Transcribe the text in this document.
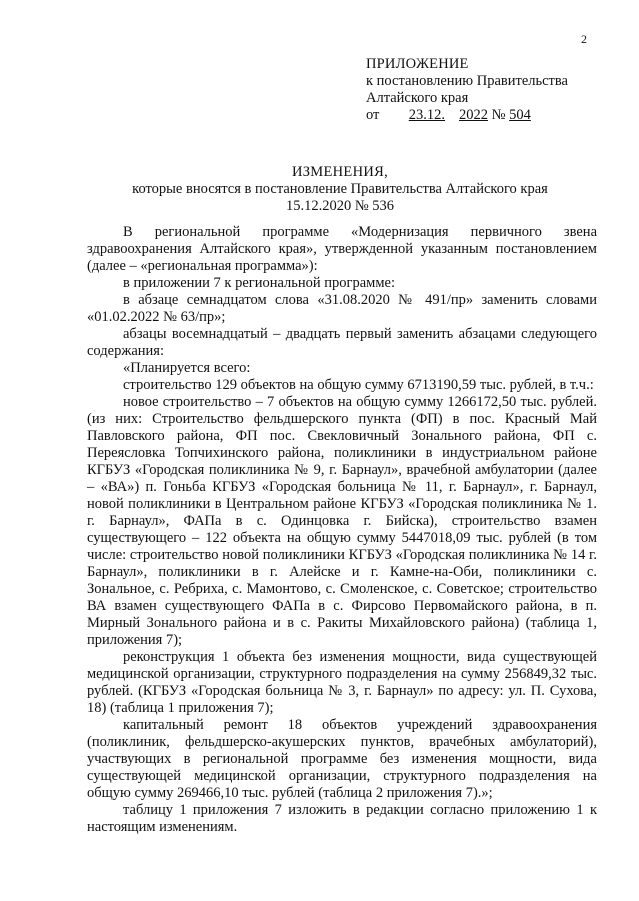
2
ПРИЛОЖЕНИЕ
к постановлению Правительства
Алтайского края
от 23.12. 2022 № 504
ИЗМЕНЕНИЯ,
которые вносятся в постановление Правительства Алтайского края
15.12.2020 № 536

В региональной программе «Модернизация первичного звена здравоохранения Алтайского края», утвержденной указанным постановлением (далее – «региональная программа»):

в приложении 7 к региональной программе:

в абзаце семнадцатом слова «31.08.2020 № 491/пр» заменить словами «01.02.2022 № 63/пр»;

абзацы восемнадцатый – двадцать первый заменить абзацами следующего содержания:

«Планируется всего:

строительство 129 объектов на общую сумму 6713190,59 тыс. рублей, в т.ч.:

новое строительство – 7 объектов на общую сумму 1266172,50 тыс. рублей. (из них: Строительство фельдшерского пункта (ФП) в пос. Красный Май Павловского района, ФП пос. Свекловичный Зонального района, ФП с. Переясловка Топчихинского района, поликлиники в индустриальном районе КГБУЗ «Городская поликлиника № 9, г. Барнаул», врачебной амбулатории (далее – «ВА») п. Гоньба КГБУЗ «Городская больница № 11, г. Барнаул», г. Барнаул, новой поликлиники в Центральном районе КГБУЗ «Городская поликлиника № 1. г. Барнаул», ФАПа в с. Одинцовка г. Бийска), строительство взамен существующего – 122 объекта на общую сумму 5447018,09 тыс. рублей (в том числе: строительство новой поликлиники КГБУЗ «Городская поликлиника № 14 г. Барнаул», поликлиники в г. Алейске и г. Камне-на-Оби, поликлиники с. Зональное, с. Ребриха, с. Мамонтово, с. Смоленское, с. Советское; строительство ВА взамен существующего ФАПа в с. Фирсово Первомайского района, в п. Мирный Зонального района и в с. Ракиты Михайловского района) (таблица 1, приложения 7);

реконструкция 1 объекта без изменения мощности, вида существующей медицинской организации, структурного подразделения на сумму 256849,32 тыс. рублей. (КГБУЗ «Городская больница № 3, г. Барнаул» по адресу: ул. П. Сухова, 18) (таблица 1 приложения 7);

капитальный ремонт 18 объектов учреждений здравоохранения (поликлиник, фельдшерско-акушерских пунктов, врачебных амбулаторий), участвующих в региональной программе без изменения мощности, вида существующей медицинской организации, структурного подразделения на общую сумму 269466,10 тыс. рублей (таблица 2 приложения 7).»;

таблицу 1 приложения 7 изложить в редакции согласно приложению 1 к настоящим изменениям.
